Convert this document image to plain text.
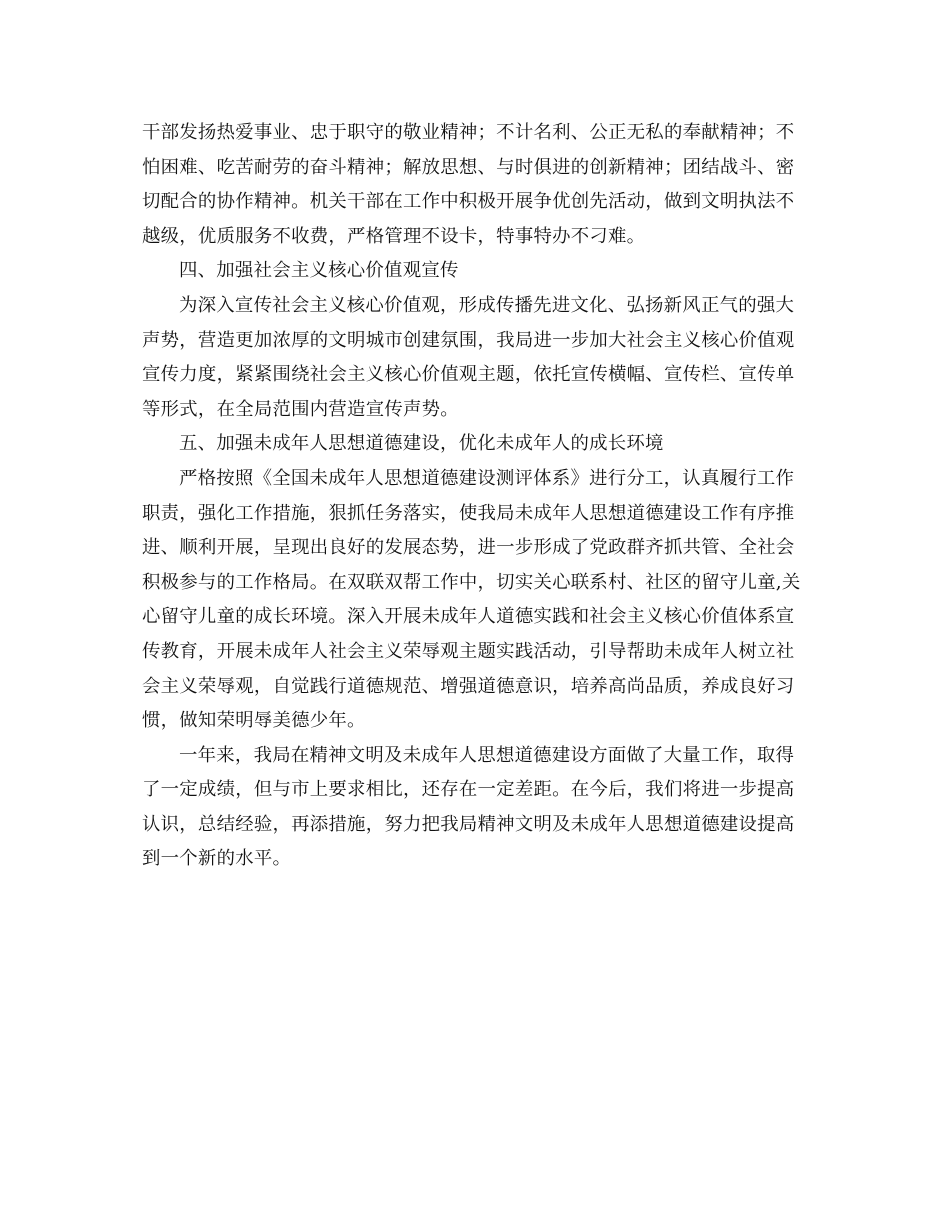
干部发扬热爱事业、忠于职守的敬业精神；不计名利、公正无私的奉献精神；不
怕困难、吃苦耐劳的奋斗精神；解放思想、与时俱进的创新精神；团结战斗、密
切配合的协作精神。机关干部在工作中积极开展争优创先活动，做到文明执法不
越级，优质服务不收费，严格管理不设卡，特事特办不刁难。
四、加强社会主义核心价值观宣传
为深入宣传社会主义核心价值观，形成传播先进文化、弘扬新风正气的强大
声势，营造更加浓厚的文明城市创建氛围，我局进一步加大社会主义核心价值观
宣传力度，紧紧围绕社会主义核心价值观主题，依托宣传横幅、宣传栏、宣传单
等形式，在全局范围内营造宣传声势。
五、加强未成年人思想道德建设，优化未成年人的成长环境
严格按照《全国未成年人思想道德建设测评体系》进行分工，认真履行工作
职责，强化工作措施，狠抓任务落实，使我局未成年人思想道德建设工作有序推
进、顺利开展，呈现出良好的发展态势，进一步形成了党政群齐抓共管、全社会
积极参与的工作格局。在双联双帮工作中，切实关心联系村、社区的留守儿童,关
心留守儿童的成长环境。深入开展未成年人道德实践和社会主义核心价值体系宣
传教育，开展未成年人社会主义荣辱观主题实践活动，引导帮助未成年人树立社
会主义荣辱观，自觉践行道德规范、增强道德意识，培养高尚品质，养成良好习
惯，做知荣明辱美德少年。
一年来，我局在精神文明及未成年人思想道德建设方面做了大量工作，取得
了一定成绩，但与市上要求相比，还存在一定差距。在今后，我们将进一步提高
认识，总结经验，再添措施，努力把我局精神文明及未成年人思想道德建设提高
到一个新的水平。
